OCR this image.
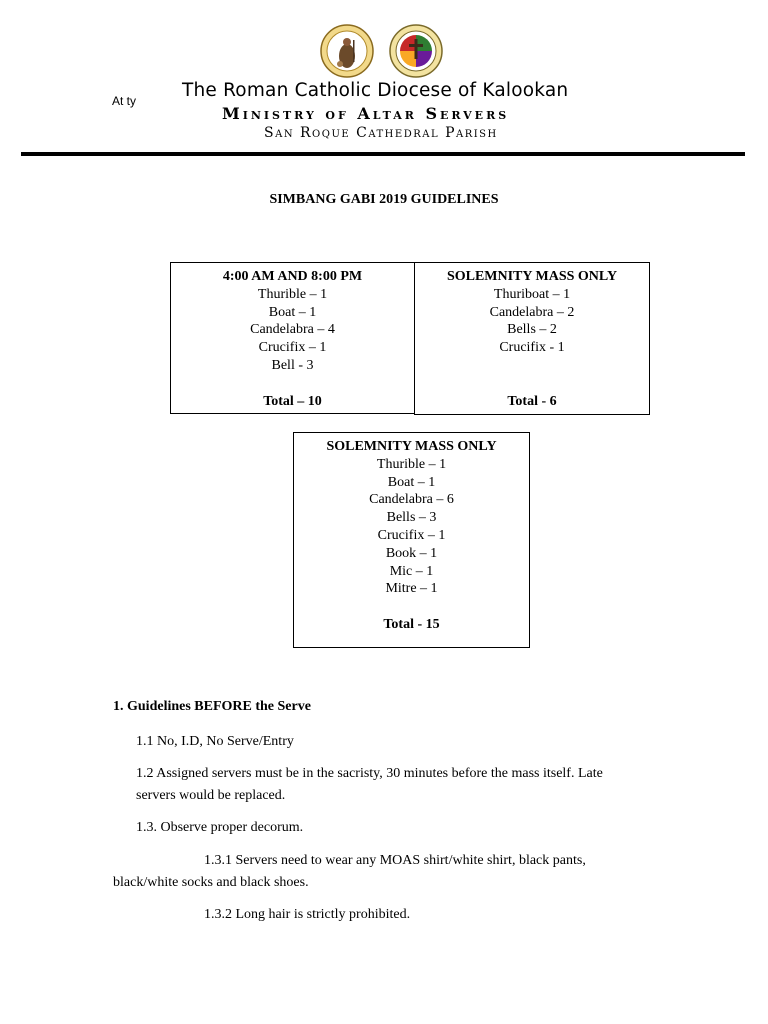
At ty The Roman Catholic Diocese of Kalookan
Ministry of Altar Servers
San Roque Cathedral Parish
SIMBANG GABI 2019 GUIDELINES
4:00 AM AND 8:00 PM
Thurible – 1
Boat – 1
Candelabra – 4
Crucifix – 1
Bell - 3
Total – 10
SOLEMNITY MASS ONLY
Thuriboat – 1
Candelabra – 2
Bells – 2
Crucifix - 1
Total - 6
SOLEMNITY MASS ONLY
Thurible – 1
Boat – 1
Candelabra – 6
Bells – 3
Crucifix – 1
Book – 1
Mic – 1
Mitre – 1
Total - 15
1. Guidelines BEFORE the Serve
1.1 No, I.D, No Serve/Entry
1.2 Assigned servers must be in the sacristy, 30 minutes before the mass itself. Late
servers would be replaced.
1.3. Observe proper decorum.
1.3.1 Servers need to wear any MOAS shirt/white shirt, black pants,
black/white socks and black shoes.
1.3.2 Long hair is strictly prohibited.
